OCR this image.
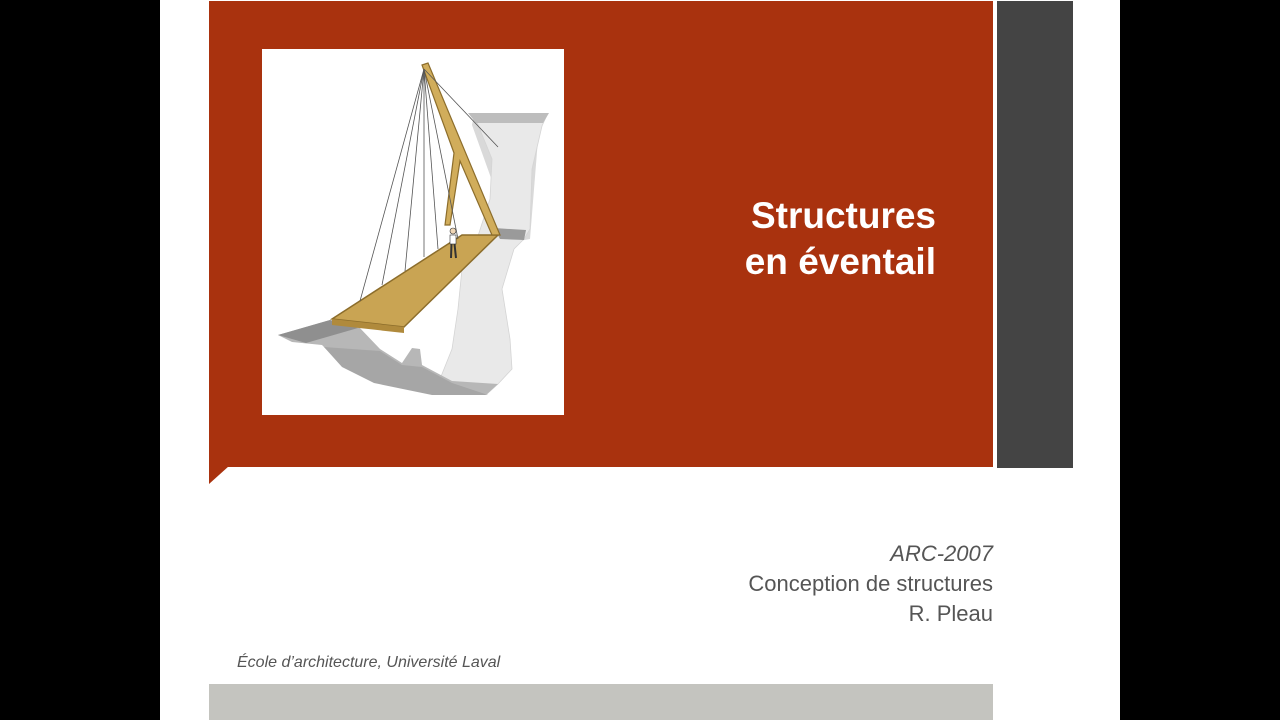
Structures
en éventail
ARC-2007
Conception de structures
R. Pleau
École d’architecture, Université Laval
